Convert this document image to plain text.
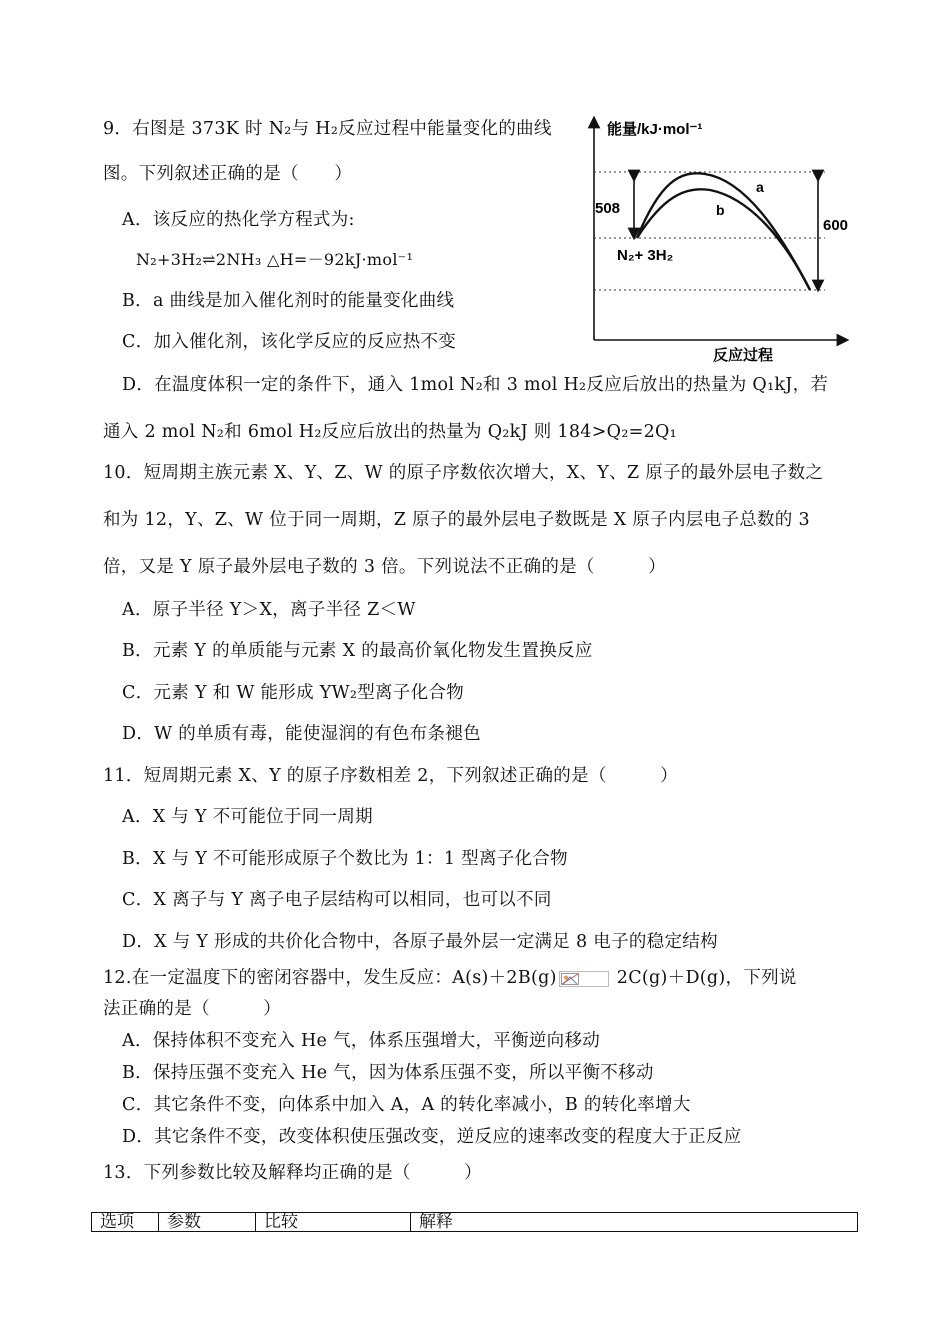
9．右图是 373K 时 N₂与 H₂反应过程中能量变化的曲线
图。下列叙述正确的是（　　）
A．该反应的热化学方程式为:
N₂+3H₂⇌2NH₃ △H=－92kJ·mol⁻¹
B．a 曲线是加入催化剂时的能量变化曲线
C．加入催化剂，该化学反应的反应热不变
D．在温度体积一定的条件下，通入 1mol N₂和 3 mol H₂反应后放出的热量为 Q₁kJ，若
通入 2 mol N₂和 6mol H₂反应后放出的热量为 Q₂kJ 则 184>Q₂=2Q₁
能量/kJ·mol⁻¹
反应过程
508
600
N₂+ 3H₂
a
b
10．短周期主族元素 X、Y、Z、W 的原子序数依次增大，X、Y、Z 原子的最外层电子数之
和为 12，Y、Z、W 位于同一周期，Z 原子的最外层电子数既是 X 原子内层电子总数的 3
倍，又是 Y 原子最外层电子数的 3 倍。下列说法不正确的是（　　　）
A．原子半径 Y＞X，离子半径 Z＜W
B．元素 Y 的单质能与元素 X 的最高价氧化物发生置换反应
C．元素 Y 和 W 能形成 YW₂型离子化合物
D．W 的单质有毒，能使湿润的有色布条褪色
11．短周期元素 X、Y 的原子序数相差 2，下列叙述正确的是（　　　）
A．X 与 Y 不可能位于同一周期
B．X 与 Y 不可能形成原子个数比为 1：1 型离子化合物
C．X 离子与 Y 离子电子层结构可以相同，也可以不同
D．X 与 Y 形成的共价化合物中，各原子最外层一定满足 8 电子的稳定结构
12.在一定温度下的密闭容器中，发生反应：A(s)＋2B(g)	2C(g)＋D(g)，下列说
法正确的是（　　　）
A．保持体积不变充入 He 气，体系压强增大，平衡逆向移动
B．保持压强不变充入 He 气，因为体系压强不变，所以平衡不移动
C．其它条件不变，向体系中加入 A，A 的转化率减小，B 的转化率增大
D．其它条件不变，改变体积使压强改变，逆反应的速率改变的程度大于正反应
13．下列参数比较及解释均正确的是（　　　）
选项	参数	比较	解释
